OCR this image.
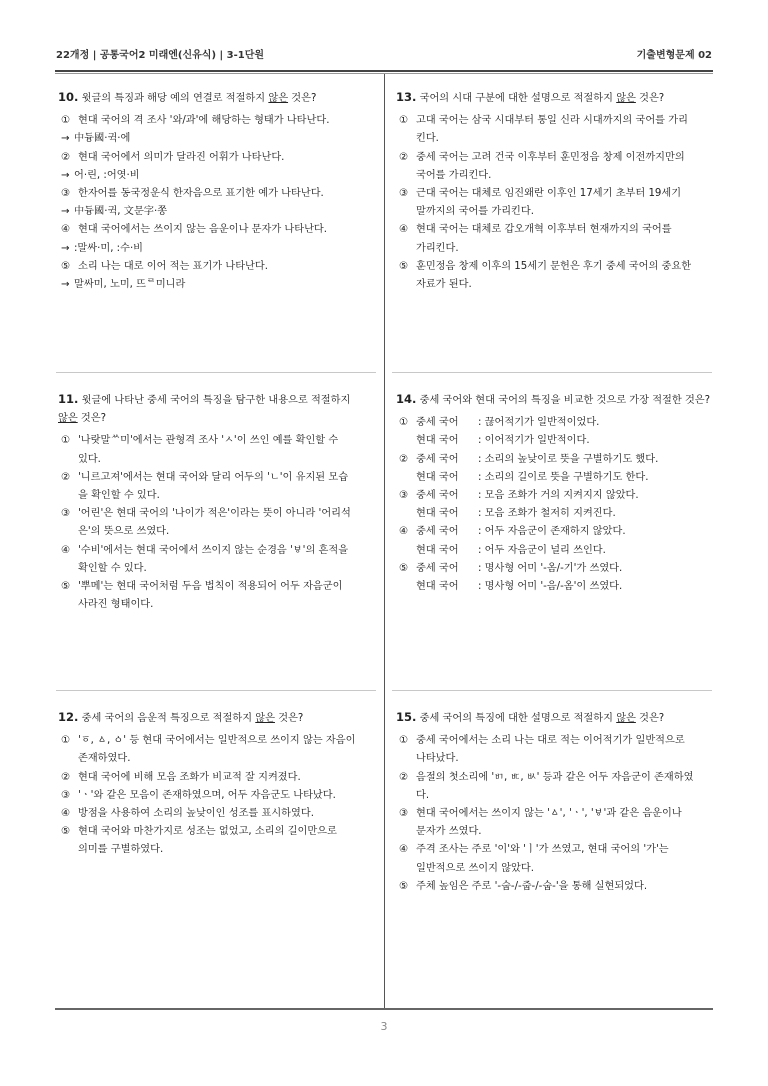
22개정 | 공통국어2 미래엔(신유식) | 3-1단원	기출변형문제 02

10. 윗글의 특징과 해당 예의 연결로 적절하지 않은 것은?

① 현대 국어의 격 조사 '와/과'에 해당하는 형태가 나타난다.
→ 中듕國·귁·에
② 현대 국어에서 의미가 달라진 어휘가 나타난다.
→ 어·린, :어엿·비
③ 한자어를 동국정운식 한자음으로 표기한 예가 나타난다.
→ 中듕國·귁, 文문字·쫑
④ 현대 국어에서는 쓰이지 않는 음운이나 문자가 나타난다.
→ :말싸·미, :수·비
⑤ 소리 나는 대로 이어 적는 표기가 나타난다.
→ 말싸미, 노미, 뜨ᄅ미니라

11. 윗글에 나타난 중세 국어의 특징을 탐구한 내용으로 적절하지
않은 것은?

① '나랏말ᄊ미'에서는 관형격 조사 'ㅅ'이 쓰인 예를 확인할 수
있다.
② '니르고져'에서는 현대 국어와 달리 어두의 'ㄴ'이 유지된 모습
을 확인할 수 있다.
③ '어린'은 현대 국어의 '나이가 적은'이라는 뜻이 아니라 '어리석
은'의 뜻으로 쓰였다.
④ '수비'에서는 현대 국어에서 쓰이지 않는 순경음 'ㅸ'의 흔적을
확인할 수 있다.
⑤ '뿌메'는 현대 국어처럼 두음 법칙이 적용되어 어두 자음군이
사라진 형태이다.

12. 중세 국어의 음운적 특징으로 적절하지 않은 것은?

① 'ㆆ, ㅿ, ㆁ' 등 현대 국어에서는 일반적으로 쓰이지 않는 자음이
존재하였다.
② 현대 국어에 비해 모음 조화가 비교적 잘 지켜졌다.
③ 'ㆍ'와 같은 모음이 존재하였으며, 어두 자음군도 나타났다.
④ 방점을 사용하여 소리의 높낮이인 성조를 표시하였다.
⑤ 현대 국어와 마찬가지로 성조는 없었고, 소리의 길이만으로
의미를 구별하였다.

13. 국어의 시대 구분에 대한 설명으로 적절하지 않은 것은?

① 고대 국어는 삼국 시대부터 통일 신라 시대까지의 국어를 가리
킨다.
② 중세 국어는 고려 건국 이후부터 훈민정음 창제 이전까지만의
국어를 가리킨다.
③ 근대 국어는 대체로 임진왜란 이후인 17세기 초부터 19세기
말까지의 국어를 가리킨다.
④ 현대 국어는 대체로 갑오개혁 이후부터 현재까지의 국어를
가리킨다.
⑤ 훈민정음 창제 이후의 15세기 문헌은 후기 중세 국어의 중요한
자료가 된다.

14. 중세 국어와 현대 국어의 특징을 비교한 것으로 가장 적절한 것은?

① 중세 국어 : 끊어적기가 일반적이었다.
현대 국어 : 이어적기가 일반적이다.
② 중세 국어 : 소리의 높낮이로 뜻을 구별하기도 했다.
현대 국어 : 소리의 길이로 뜻을 구별하기도 한다.
③ 중세 국어 : 모음 조화가 거의 지켜지지 않았다.
현대 국어 : 모음 조화가 철저히 지켜진다.
④ 중세 국어 : 어두 자음군이 존재하지 않았다.
현대 국어 : 어두 자음군이 널리 쓰인다.
⑤ 중세 국어 : 명사형 어미 '-옴/-기'가 쓰였다.
현대 국어 : 명사형 어미 '-음/-옴'이 쓰였다.

15. 중세 국어의 특징에 대한 설명으로 적절하지 않은 것은?

① 중세 국어에서는 소리 나는 대로 적는 이어적기가 일반적으로
나타났다.
② 음절의 첫소리에 'ㅲ, ㅳ, ㅄ' 등과 같은 어두 자음군이 존재하였
다.
③ 현대 국어에서는 쓰이지 않는 'ㅿ', 'ㆍ', 'ㅸ'과 같은 음운이나
문자가 쓰였다.
④ 주격 조사는 주로 '이'와 'ㅣ'가 쓰였고, 현대 국어의 '가'는
일반적으로 쓰이지 않았다.
⑤ 주체 높임은 주로 '-숩-/-줍-/-숩-'을 통해 실현되었다.
3
